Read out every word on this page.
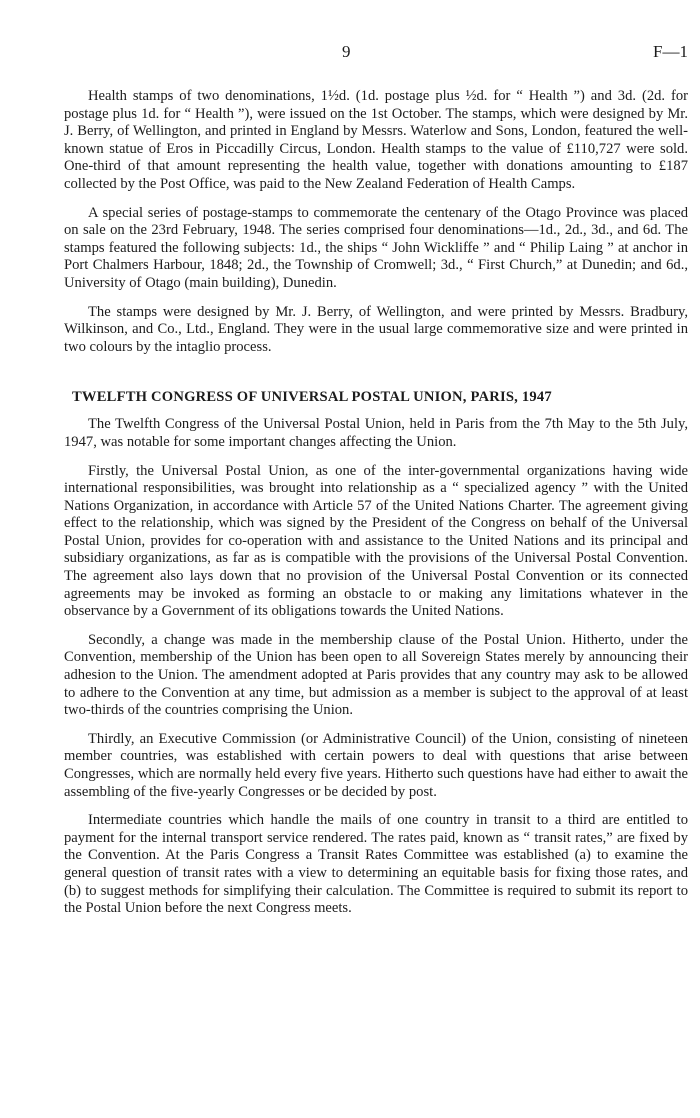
9	F—1

Health stamps of two denominations, 1½d. (1d. postage plus ½d. for “ Health ”) and 3d. (2d. for postage plus 1d. for “ Health ”), were issued on the 1st October. The stamps, which were designed by Mr. J. Berry, of Wellington, and printed in England by Messrs. Waterlow and Sons, London, featured the well-known statue of Eros in Piccadilly Circus, London. Health stamps to the value of £110,727 were sold. One-third of that amount representing the health value, together with donations amounting to £187 collected by the Post Office, was paid to the New Zealand Federation of Health Camps.

A special series of postage-stamps to commemorate the centenary of the Otago Province was placed on sale on the 23rd February, 1948. The series comprised four denominations—1d., 2d., 3d., and 6d. The stamps featured the following subjects: 1d., the ships “ John Wickliffe ” and “ Philip Laing ” at anchor in Port Chalmers Harbour, 1848; 2d., the Township of Cromwell; 3d., “ First Church,” at Dunedin; and 6d., University of Otago (main building), Dunedin.

The stamps were designed by Mr. J. Berry, of Wellington, and were printed by Messrs. Bradbury, Wilkinson, and Co., Ltd., England. They were in the usual large commemorative size and were printed in two colours by the intaglio process.

TWELFTH CONGRESS OF UNIVERSAL POSTAL UNION, PARIS, 1947

The Twelfth Congress of the Universal Postal Union, held in Paris from the 7th May to the 5th July, 1947, was notable for some important changes affecting the Union.

Firstly, the Universal Postal Union, as one of the inter-governmental organizations having wide international responsibilities, was brought into relationship as a “ specialized agency ” with the United Nations Organization, in accordance with Article 57 of the United Nations Charter. The agreement giving effect to the relationship, which was signed by the President of the Congress on behalf of the Universal Postal Union, provides for co-operation with and assistance to the United Nations and its principal and subsidiary organizations, as far as is compatible with the provisions of the Universal Postal Convention. The agreement also lays down that no provision of the Universal Postal Convention or its connected agreements may be invoked as forming an obstacle to or making any limitations whatever in the observance by a Government of its obligations towards the United Nations.

Secondly, a change was made in the membership clause of the Postal Union. Hitherto, under the Convention, membership of the Union has been open to all Sovereign States merely by announcing their adhesion to the Union. The amendment adopted at Paris provides that any country may ask to be allowed to adhere to the Convention at any time, but admission as a member is subject to the approval of at least two-thirds of the countries comprising the Union.

Thirdly, an Executive Commission (or Administrative Council) of the Union, consisting of nineteen member countries, was established with certain powers to deal with questions that arise between Congresses, which are normally held every five years. Hitherto such questions have had either to await the assembling of the five-yearly Congresses or be decided by post.

Intermediate countries which handle the mails of one country in transit to a third are entitled to payment for the internal transport service rendered. The rates paid, known as “ transit rates,” are fixed by the Convention. At the Paris Congress a Transit Rates Committee was established (a) to examine the general question of transit rates with a view to determining an equitable basis for fixing those rates, and (b) to suggest methods for simplifying their calculation. The Committee is required to submit its report to the Postal Union before the next Congress meets.
